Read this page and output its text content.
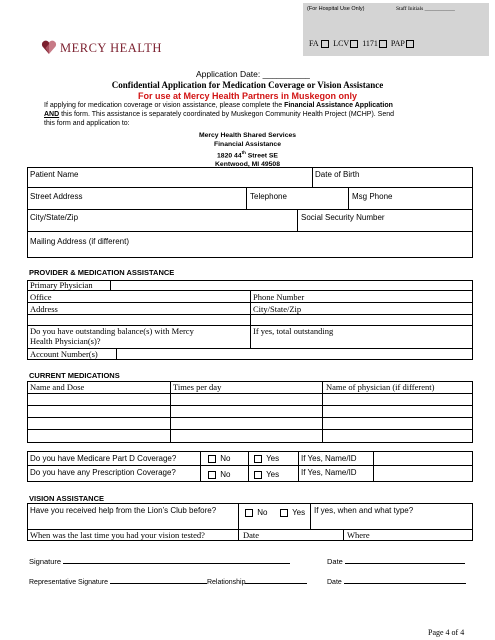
(For Hospital Use Only)	Staff Initials ___________
FA LCV 1171 PAP
MERCY HEALTH
Application Date: __________
Confidential Application for Medication Coverage or Vision Assistance
For use at Mercy Health Partners in Muskegon only
If applying for medication coverage or vision assistance, please complete the Financial Assistance Application
AND this form. This assistance is separately coordinated by Muskegon Community Health Project (MCHP). Send
this form and application to:
Mercy Health Shared Services
Financial Assistance
1820 44th Street SE
Kentwood, MI 49508
Patient Name	Date of Birth
Street Address	Telephone	Msg Phone
City/State/Zip	Social Security Number
Mailing Address (if different)
PROVIDER & MEDICATION ASSISTANCE
Primary Physician
Office	Phone Number
Address	City/State/Zip
Do you have outstanding balance(s) with Mercy
Health Physician(s)?
If yes, total outstanding
Account Number(s)
CURRENT MEDICATIONS
Name and Dose	Times per day	Name of physician (if different)
Do you have Medicare Part D Coverage?	No	Yes	If Yes, Name/ID
Do you have any Prescription Coverage?	No	Yes	If Yes, Name/ID
VISION ASSISTANCE
Have you received help from the Lion’s Club before?	No	Yes If yes, when and what type?
When was the last time you had your vision tested?	Date	Where
Signature	Date
Representative Signature	Relationship	Date
Page 4 of 4
